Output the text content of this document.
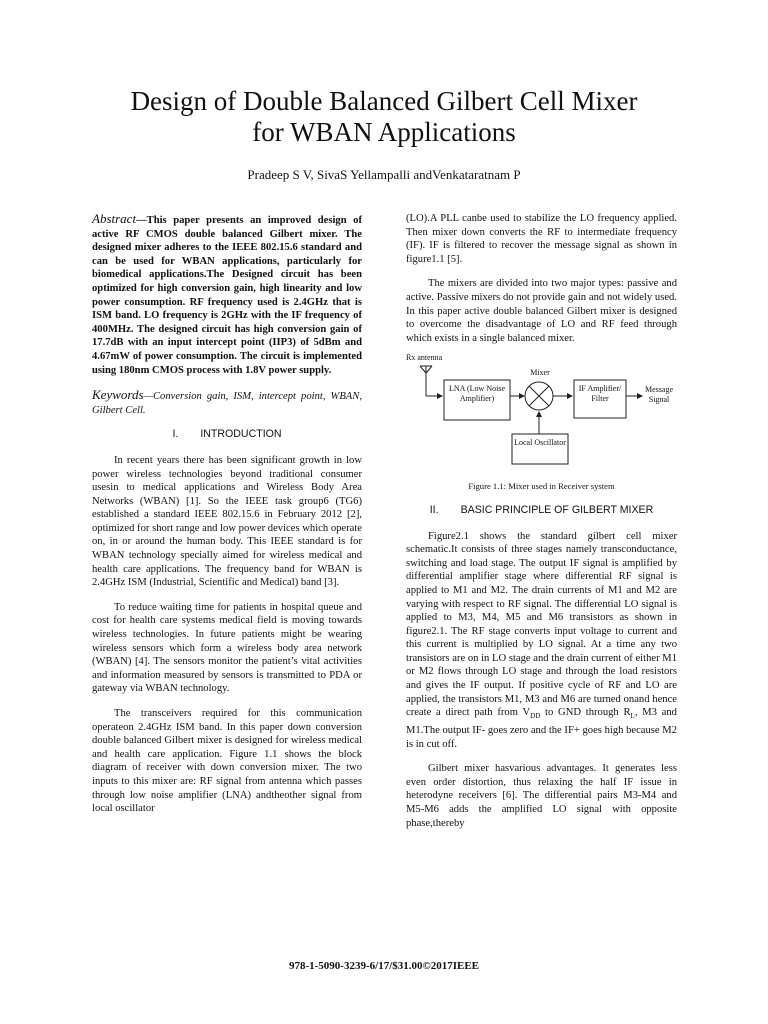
Design of Double Balanced Gilbert Cell Mixer
for WBAN Applications
Pradeep S V, SivaS Yellampalli andVenkataratnam P

Abstract—This paper presents an improved design of active RF CMOS double balanced Gilbert mixer. The designed mixer adheres to the IEEE 802.15.6 standard and can be used for WBAN applications, particularly for biomedical applications.The Designed circuit has been optimized for high conversion gain, high linearity and low power consumption. RF frequency used is 2.4GHz that is ISM band. LO frequency is 2GHz with the IF frequency of 400MHz. The designed circuit has high conversion gain of 17.7dB with an input intercept point (IIP3) of 5dBm and 4.67mW of power consumption. The circuit is implemented using 180nm CMOS process with 1.8V power supply.

Keywords—Conversion gain, ISM, intercept point, WBAN, Gilbert Cell.

I. INTRODUCTION

In recent years there has been significant growth in low power wireless technologies beyond traditional consumer usesin to medical applications and Wireless Body Area Networks (WBAN) [1]. So the IEEE task group6 (TG6) established a standard IEEE 802.15.6 in February 2012 [2], optimized for short range and low power devices which operate on, in or around the human body. This IEEE standard is for WBAN technology specially aimed for wireless medical and health care applications. The frequency band for WBAN is 2.4GHz ISM (Industrial, Scientific and Medical) band [3].

To reduce waiting time for patients in hospital queue and cost for health care systems medical field is moving towards wireless technologies. In future patients might be wearing wireless sensors which form a wireless body area network (WBAN) [4]. The sensors monitor the patient’s vital activities and information measured by sensors is transmitted to PDA or gateway via WBAN technology.

The transceivers required for this communication operateon 2.4GHz ISM band. In this paper down conversion double balanced Gilbert mixer is designed for wireless medical and health care application. Figure 1.1 shows the block diagram of receiver with down conversion mixer. The two inputs to this mixer are: RF signal from antenna which passes through low noise amplifier (LNA) andtheother signal from local oscillator

(LO).A PLL canbe used to stabilize the LO frequency applied. Then mixer down converts the RF to intermediate frequency (IF). IF is filtered to recover the message signal as shown in figure1.1 [5].

The mixers are divided into two major types: passive and active. Passive mixers do not provide gain and not widely used. In this paper active double balanced Gilbert mixer is designed to overcome the disadvantage of LO and RF feed through which exists in a single balanced mixer.

Rx antenna
LNA (Low Noise Amplifier)
Mixer
IF Amplifier/ Filter
Message Signal
Local Oscillator
Figure 1.1: Mixer used in Receiver system
II. BASIC PRINCIPLE OF GILBERT MIXER

Figure2.1 shows the standard gilbert cell mixer schematic.It consists of three stages namely transconductance, switching and load stage. The output IF signal is amplified by differential amplifier stage where differential RF signal is applied to M1 and M2. The drain currents of M1 and M2 are varying with respect to RF signal. The differential LO signal is applied to M3, M4, M5 and M6 transistors as shown in figure2.1. The RF stage converts input voltage to current and this current is multiplied by LO signal. At a time any two transistors are on in LO stage and the drain current of either M1 or M2 flows through LO stage and through the load resistors and gives the IF output. If positive cycle of RF and LO are applied, the transistors M1, M3 and M6 are turned onand hence create a direct path from $V_{DD}$ to GND through $R_L$, M3 and M1.The output IF- goes zero and the IF+ goes high because M2 is in cut off.

Gilbert mixer hasvarious advantages. It generates less even order distortion, thus relaxing the half IF issue in heterodyne receivers [6]. The differential pairs M3-M4 and M5-M6 adds the amplified LO signal with opposite phase,thereby

978-1-5090-3239-6/17/$31.00©2017IEEE
